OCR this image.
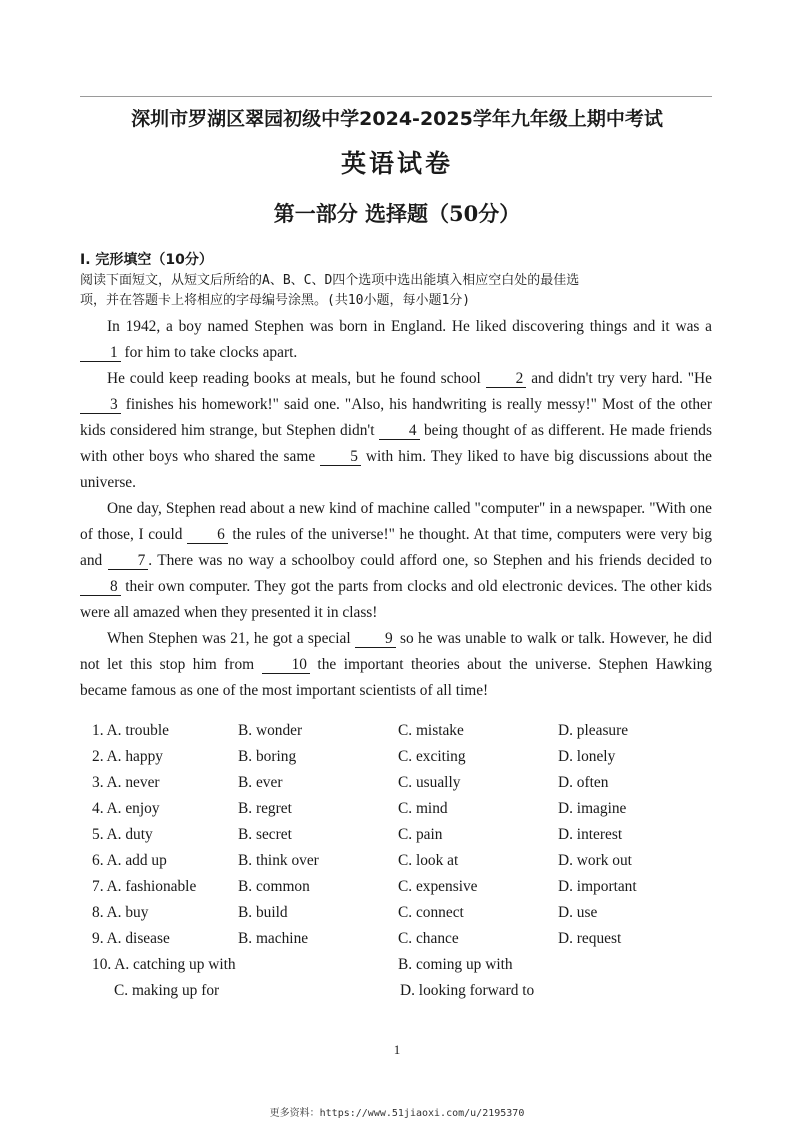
深圳市罗湖区翠园初级中学2024-2025学年九年级上期中考试
英语试卷
第一部分 选择题（50分）
I. 完形填空（10分）
阅读下面短文，从短文后所给的A、B、C、D四个选项中选出能填入相应空白处的最佳选
项，并在答题卡上将相应的字母编号涂黑。(共10小题，每小题1分)

In 1942, a boy named Stephen was born in England. He liked discovering things and it was a 1 for him to take clocks apart.

He could keep reading books at meals, but he found school 2 and didn't try very hard. "He 3 finishes his homework!" said one. "Also, his handwriting is really messy!" Most of the other kids considered him strange, but Stephen didn't 4 being thought of as different. He made friends with other boys who shared the same 5 with him. They liked to have big discussions about the universe.

One day, Stephen read about a new kind of machine called "computer" in a newspaper. "With one of those, I could 6 the rules of the universe!" he thought. At that time, computers were very big and 7 . There was no way a schoolboy could afford one, so Stephen and his friends decided to 8 their own computer. They got the parts from clocks and old electronic devices. The other kids were all amazed when they presented it in class!

When Stephen was 21, he got a special 9 so he was unable to walk or talk. However, he did not let this stop him from 10 the important theories about the universe. Stephen Hawking became famous as one of the most important scientists of all time!

1. A. trouble	B. wonder	C. mistake	D. pleasure
2. A. happy	B. boring	C. exciting	D. lonely
3. A. never	B. ever	C. usually	D. often
4. A. enjoy	B. regret	C. mind	D. imagine
5. A. duty	B. secret	C. pain	D. interest
6. A. add up	B. think over	C. look at	D. work out
7. A. fashionable	B. common	C. expensive	D. important
8. A. buy	B. build	C. connect	D. use
9. A. disease	B. machine	C. chance	D. request
10. A. catching up with	B. coming up with
C. making up for	D. looking forward to
1
更多资料：https://www.51jiaoxi.com/u/2195370
